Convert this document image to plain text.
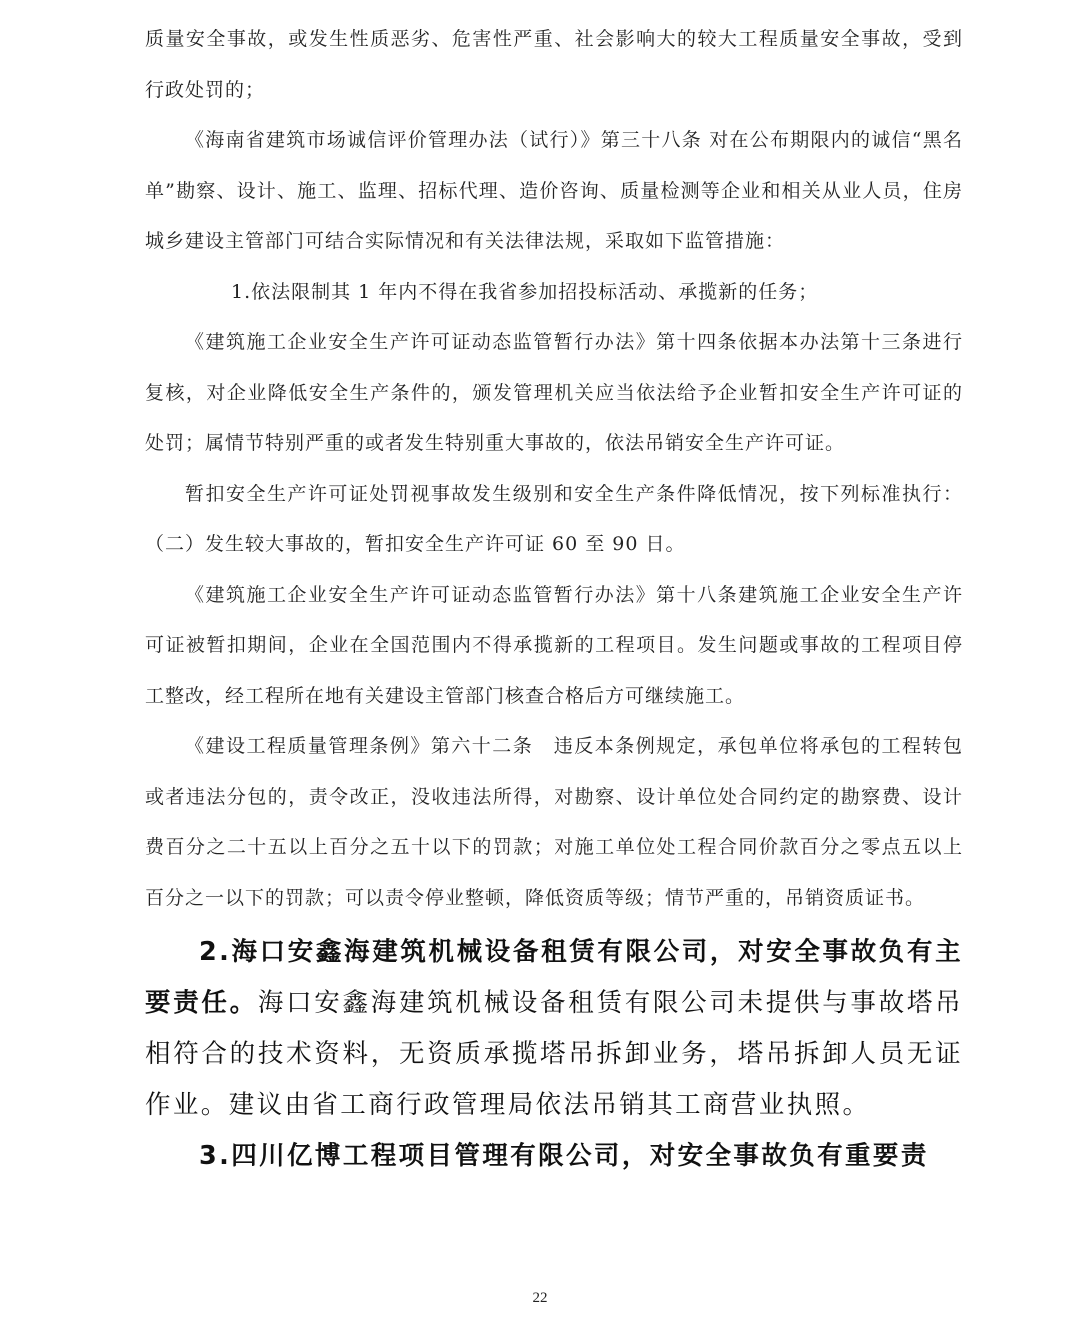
质量安全事故，或发生性质恶劣、危害性严重、社会影响大的较大工程质量安全事故，受到行政处罚的；

《海南省建筑市场诚信评价管理办法（试行）》第三十八条 对在公布期限内的诚信“黑名单”勘察、设计、施工、监理、招标代理、造价咨询、质量检测等企业和相关从业人员，住房城乡建设主管部门可结合实际情况和有关法律法规，采取如下监管措施：

1.依法限制其 1 年内不得在我省参加招投标活动、承揽新的任务；

《建筑施工企业安全生产许可证动态监管暂行办法》第十四条依据本办法第十三条进行复核，对企业降低安全生产条件的，颁发管理机关应当依法给予企业暂扣安全生产许可证的处罚；属情节特别严重的或者发生特别重大事故的，依法吊销安全生产许可证。

暂扣安全生产许可证处罚视事故发生级别和安全生产条件降低情况，按下列标准执行：（二）发生较大事故的，暂扣安全生产许可证 60 至 90 日。

《建筑施工企业安全生产许可证动态监管暂行办法》第十八条建筑施工企业安全生产许可证被暂扣期间，企业在全国范围内不得承揽新的工程项目。发生问题或事故的工程项目停工整改，经工程所在地有关建设主管部门核查合格后方可继续施工。

《建设工程质量管理条例》第六十二条　违反本条例规定，承包单位将承包的工程转包或者违法分包的，责令改正，没收违法所得，对勘察、设计单位处合同约定的勘察费、设计费百分之二十五以上百分之五十以下的罚款；对施工单位处工程合同价款百分之零点五以上百分之一以下的罚款；可以责令停业整顿，降低资质等级；情节严重的，吊销资质证书。

2.海口安鑫海建筑机械设备租赁有限公司，对安全事故负有主要责任。海口安鑫海建筑机械设备租赁有限公司未提供与事故塔吊相符合的技术资料，无资质承揽塔吊拆卸业务，塔吊拆卸人员无证作业。建议由省工商行政管理局依法吊销其工商营业执照。

3.四川亿博工程项目管理有限公司，对安全事故负有重要责

22
